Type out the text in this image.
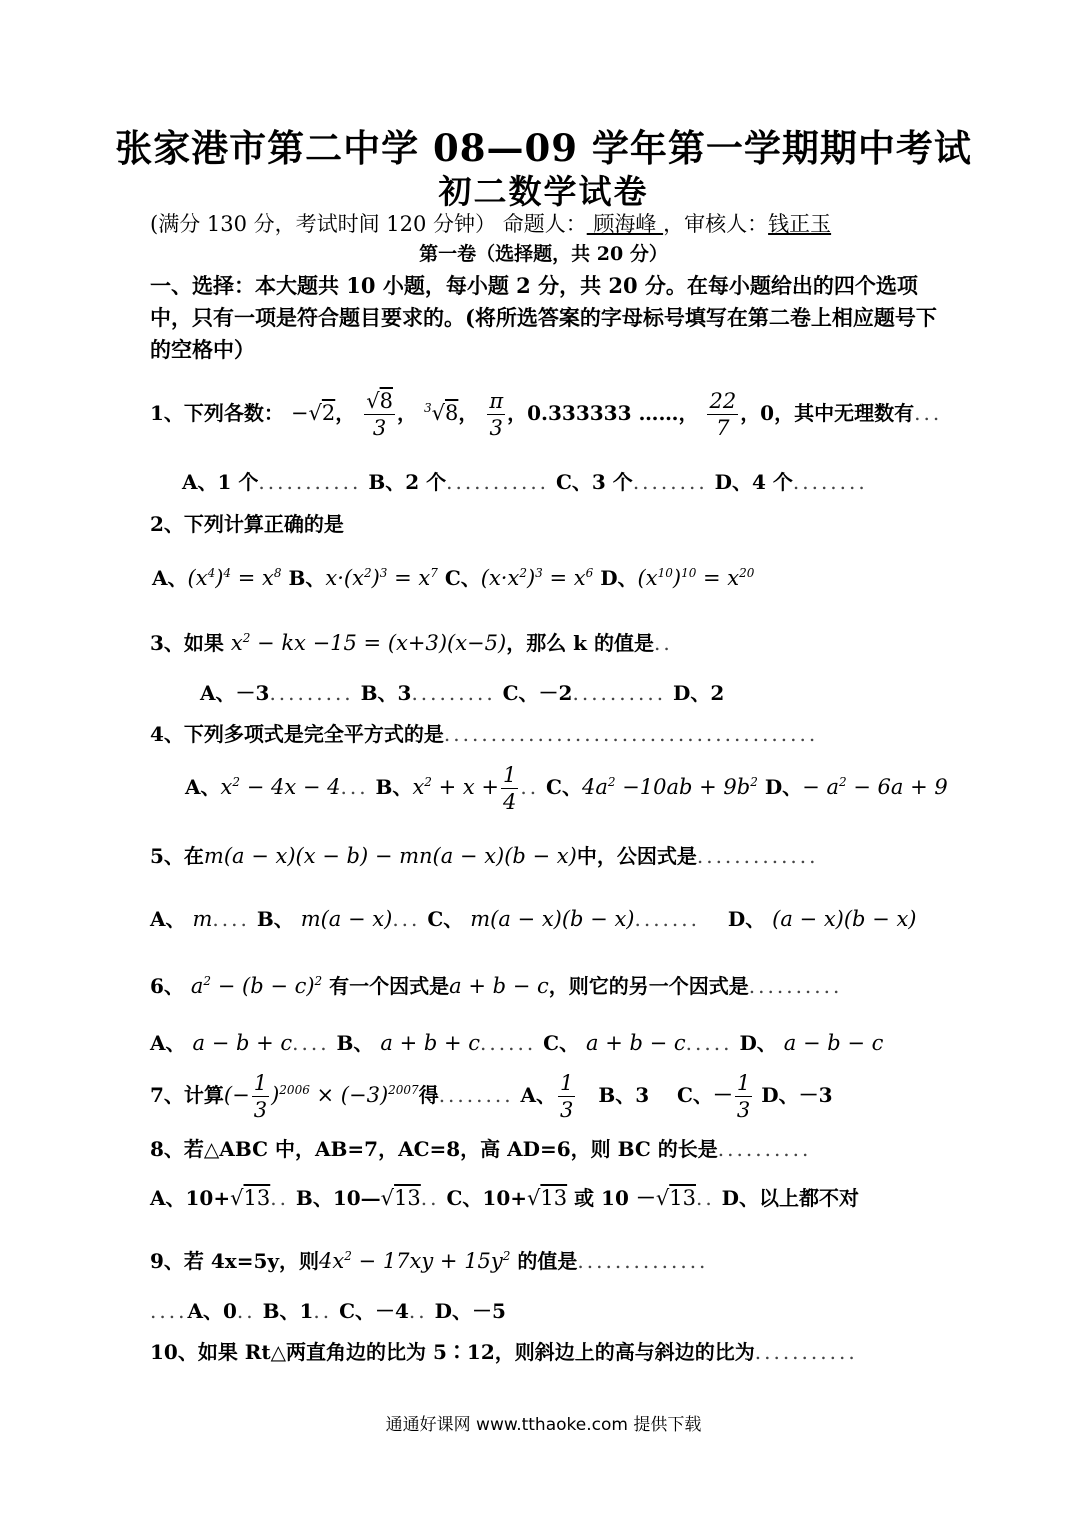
张家港市第二中学 08—09 学年第一学期期中考试
初二数学试卷
(满分 130 分，考试时间 120 分钟） 命题人： 顾海峰 ，审核人：钱正玉
第一卷（选择题，共 20 分）
一、选择：本大题共 10 小题，每小题 2 分，共 20 分。在每小题给出的四个选项中，只有一项是符合题目要求的。(将所选答案的字母标号填写在第二卷上相应题号下的空格中）
1、下列各数： −√2， $\frac{√8}{3}$ ， $^3$√8， $\frac{\pi}{3}$ ，0.333333 ……， $\frac{22}{7}$ ，0，其中无理数有...
A、1 个........... B、2 个........... C、3 个........ D、4 个........
2、下列计算正确的是
A、$(x^4)^4 = x^8$ B、$x\cdot(x^2)^3 = x^7$ C、$(x\cdot x^2)^3 = x^6$ D、$(x^{10})^{10} = x^{20}$
3、如果 $x^2$ − kx −15 = (x+3)(x−5)，那么 k 的值是..
A、－3......... B、3......... C、－2.......... D、2
4、下列多项式是完全平方式的是........................................
A、$x^2 - 4x - 4$... B、$x^2 + x + \frac{1}{4}$ .. C、$4a^2 -10ab + 9b^2$ D、− $a^2 - 6a + 9$
5、在m(a − x)(x − b) − mn(a − x)(b − x)中，公因式是.............
A、 m.... B、 m(a − x)... C、 m(a − x)(b − x)....... D、 (a − x)(b − x)
6、 $a^2 - (b - c)^2$ 有一个因式是a + b − c，则它的另一个因式是..........
A、 a − b + c.... B、 a + b + c...... C、 a + b − c..... D、 a − b − c
7、计算(− $\frac{1}{3} )^{2006} \times (-3)^{2007}$得........ A、 $\frac{1}{3}$ B、3 C、－ $\frac{1}{3}$ D、－3
8、若△ABC 中，AB=7，AC=8，高 AD=6，则 BC 的长是..........
A、10+√13.. B、10—√13.. C、10+√13 或 10 －√13.. D、以上都不对
9、若 4x=5y，则$4x^2 - 17xy + 15y^2$ 的值是..............
....A、0.. B、1.. C、－4.. D、－5
10、如果 Rt△两直角边的比为 5∶12，则斜边上的高与斜边的比为...........
通通好课网 www.tthaoke.com 提供下载
